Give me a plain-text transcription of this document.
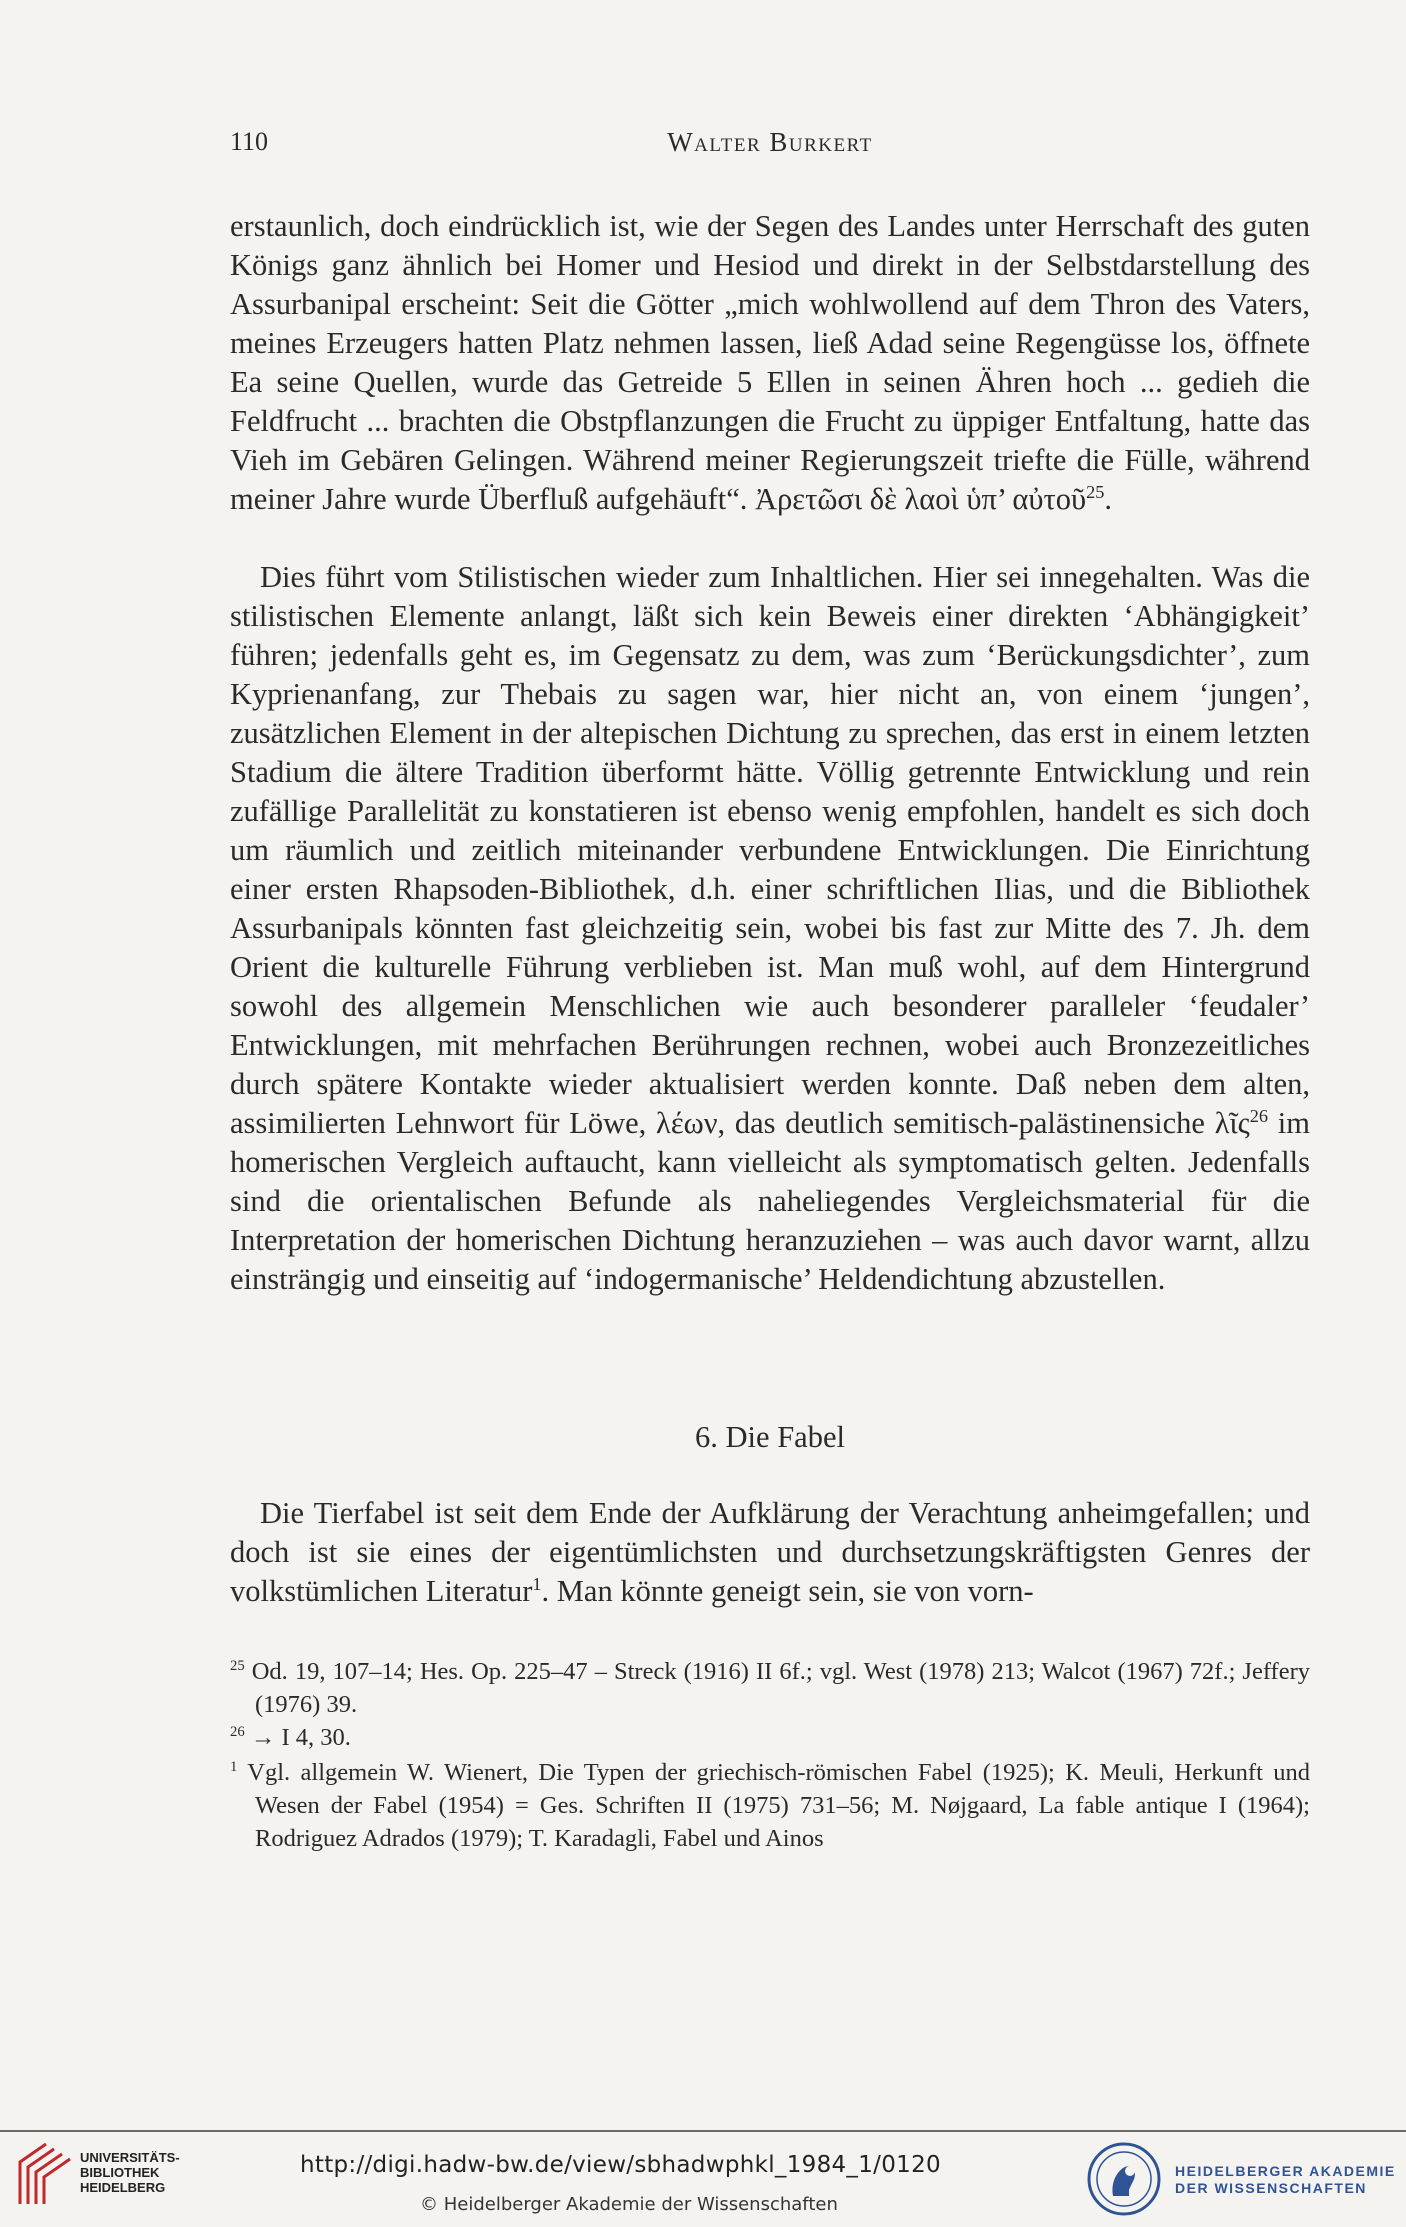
110	Walter Burkert

erstaunlich, doch eindrücklich ist, wie der Segen des Landes unter Herrschaft des guten Königs ganz ähnlich bei Homer und Hesiod und direkt in der Selbstdarstellung des Assurbanipal erscheint: Seit die Götter „mich wohlwollend auf dem Thron des Vaters, meines Erzeugers hatten Platz nehmen lassen, ließ Adad seine Regengüsse los, öffnete Ea seine Quellen, wurde das Getreide 5 Ellen in seinen Ähren hoch ... gedieh die Feldfrucht ... brachten die Obstpflanzungen die Frucht zu üppiger Entfaltung, hatte das Vieh im Gebären Gelingen. Während meiner Regierungszeit triefte die Fülle, während meiner Jahre wurde Überfluß aufgehäuft“. Ἀρετῶσι δὲ λαοὶ ὑπ’ αὐτοῦ$^{25}$.

Dies führt vom Stilistischen wieder zum Inhaltlichen. Hier sei innegehalten. Was die stilistischen Elemente anlangt, läßt sich kein Beweis einer direkten ‘Abhängigkeit’ führen; jedenfalls geht es, im Gegensatz zu dem, was zum ‘Berückungsdichter’, zum Kyprienanfang, zur Thebais zu sagen war, hier nicht an, von einem ‘jungen’, zusätzlichen Element in der altepischen Dichtung zu sprechen, das erst in einem letzten Stadium die ältere Tradition überformt hätte. Völlig getrennte Entwicklung und rein zufällige Parallelität zu konstatieren ist ebenso wenig empfohlen, handelt es sich doch um räumlich und zeitlich miteinander verbundene Entwicklungen. Die Einrichtung einer ersten Rhapsoden-Bibliothek, d.h. einer schriftlichen Ilias, und die Bibliothek Assurbanipals könnten fast gleichzeitig sein, wobei bis fast zur Mitte des 7. Jh. dem Orient die kulturelle Führung verblieben ist. Man muß wohl, auf dem Hintergrund sowohl des allgemein Menschlichen wie auch besonderer paralleler ‘feudaler’ Entwicklungen, mit mehrfachen Berührungen rechnen, wobei auch Bronzezeitliches durch spätere Kontakte wieder aktualisiert werden konnte. Daß neben dem alten, assimilierten Lehnwort für Löwe, λέων, das deutlich semitisch-palästinensiche λῖς$^{26}$ im homerischen Vergleich auftaucht, kann vielleicht als symptomatisch gelten. Jedenfalls sind die orientalischen Befunde als naheliegendes Vergleichsmaterial für die Interpretation der homerischen Dichtung heranzuziehen – was auch davor warnt, allzu einsträngig und einseitig auf ‘indogermanische’ Heldendichtung abzustellen.

6. Die Fabel

Die Tierfabel ist seit dem Ende der Aufklärung der Verachtung anheimgefallen; und doch ist sie eines der eigentümlichsten und durchsetzungskräftigsten Genres der volkstümlichen Literatur$^1$. Man könnte geneigt sein, sie von vorn-

$^{25}$ Od. 19, 107–14; Hes. Op. 225–47 – Streck (1916) II 6f.; vgl. West (1978) 213; Walcot (1967) 72f.; Jeffery (1976) 39.

$^{26}$ → I 4, 30.

$^1$ Vgl. allgemein W. Wienert, Die Typen der griechisch-römischen Fabel (1925); K. Meuli, Herkunft und Wesen der Fabel (1954) = Ges. Schriften II (1975) 731–56; M. Nøjgaard, La fable antique I (1964); Rodriguez Adrados (1979); T. Karadagli, Fabel und Ainos

UNIVERSITÄTS-
BIBLIOTHEK
HEIDELBERG
http://digi.hadw-bw.de/view/sbhadwphkl_1984_1/0120
© Heidelberger Akademie der Wissenschaften
HEIDELBERGER AKADEMIE
DER WISSENSCHAFTEN
